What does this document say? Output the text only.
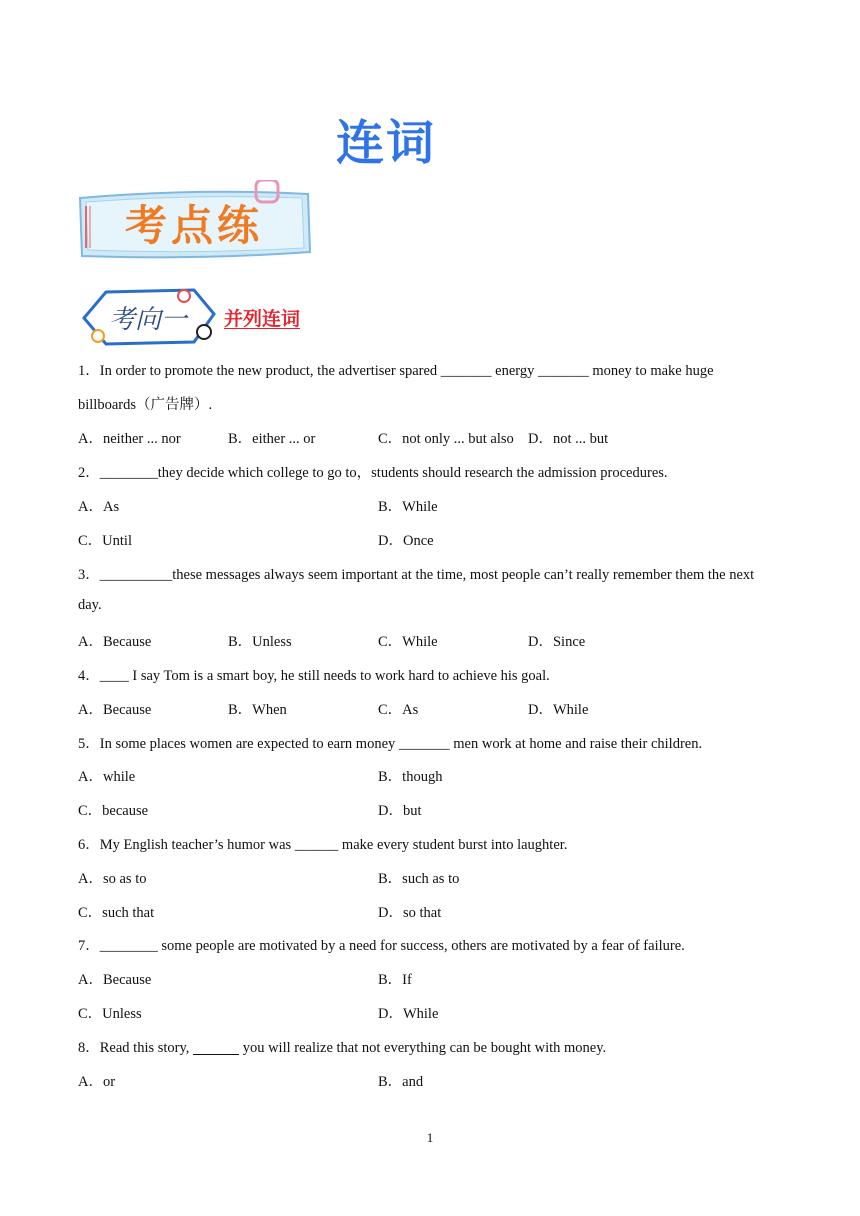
连词
考点练
考向一 并列连词
1．In order to promote the new product, the advertiser spared _______ energy _______ money to make huge
billboards（广告牌）.
A．neither ... nor	B．either ... or	C．not only ... but also D．not ... but
2．________they decide which college to go to，students should research the admission procedures.
A．As	B．While
C．Until	D．Once
3．__________these messages always seem important at the time, most people can’t really remember them the next
day.
A．Because	B．Unless	C．While	D．Since
4．____ I say Tom is a smart boy, he still needs to work hard to achieve his goal.
A．Because	B．When	C．As	D．While
5．In some places women are expected to earn money _______ men work at home and raise their children.
A．while	B．though
C．because	D．but
6．My English teacher’s humor was ______ make every student burst into laughter.
A．so as to	B．such as to
C．such that	D．so that
7．________ some people are motivated by a need for success, others are motivated by a fear of failure.
A．Because	B．If
C．Unless	D．While
8．Read this story,	you will realize that not everything can be bought with money.
A．or	B．and
1
